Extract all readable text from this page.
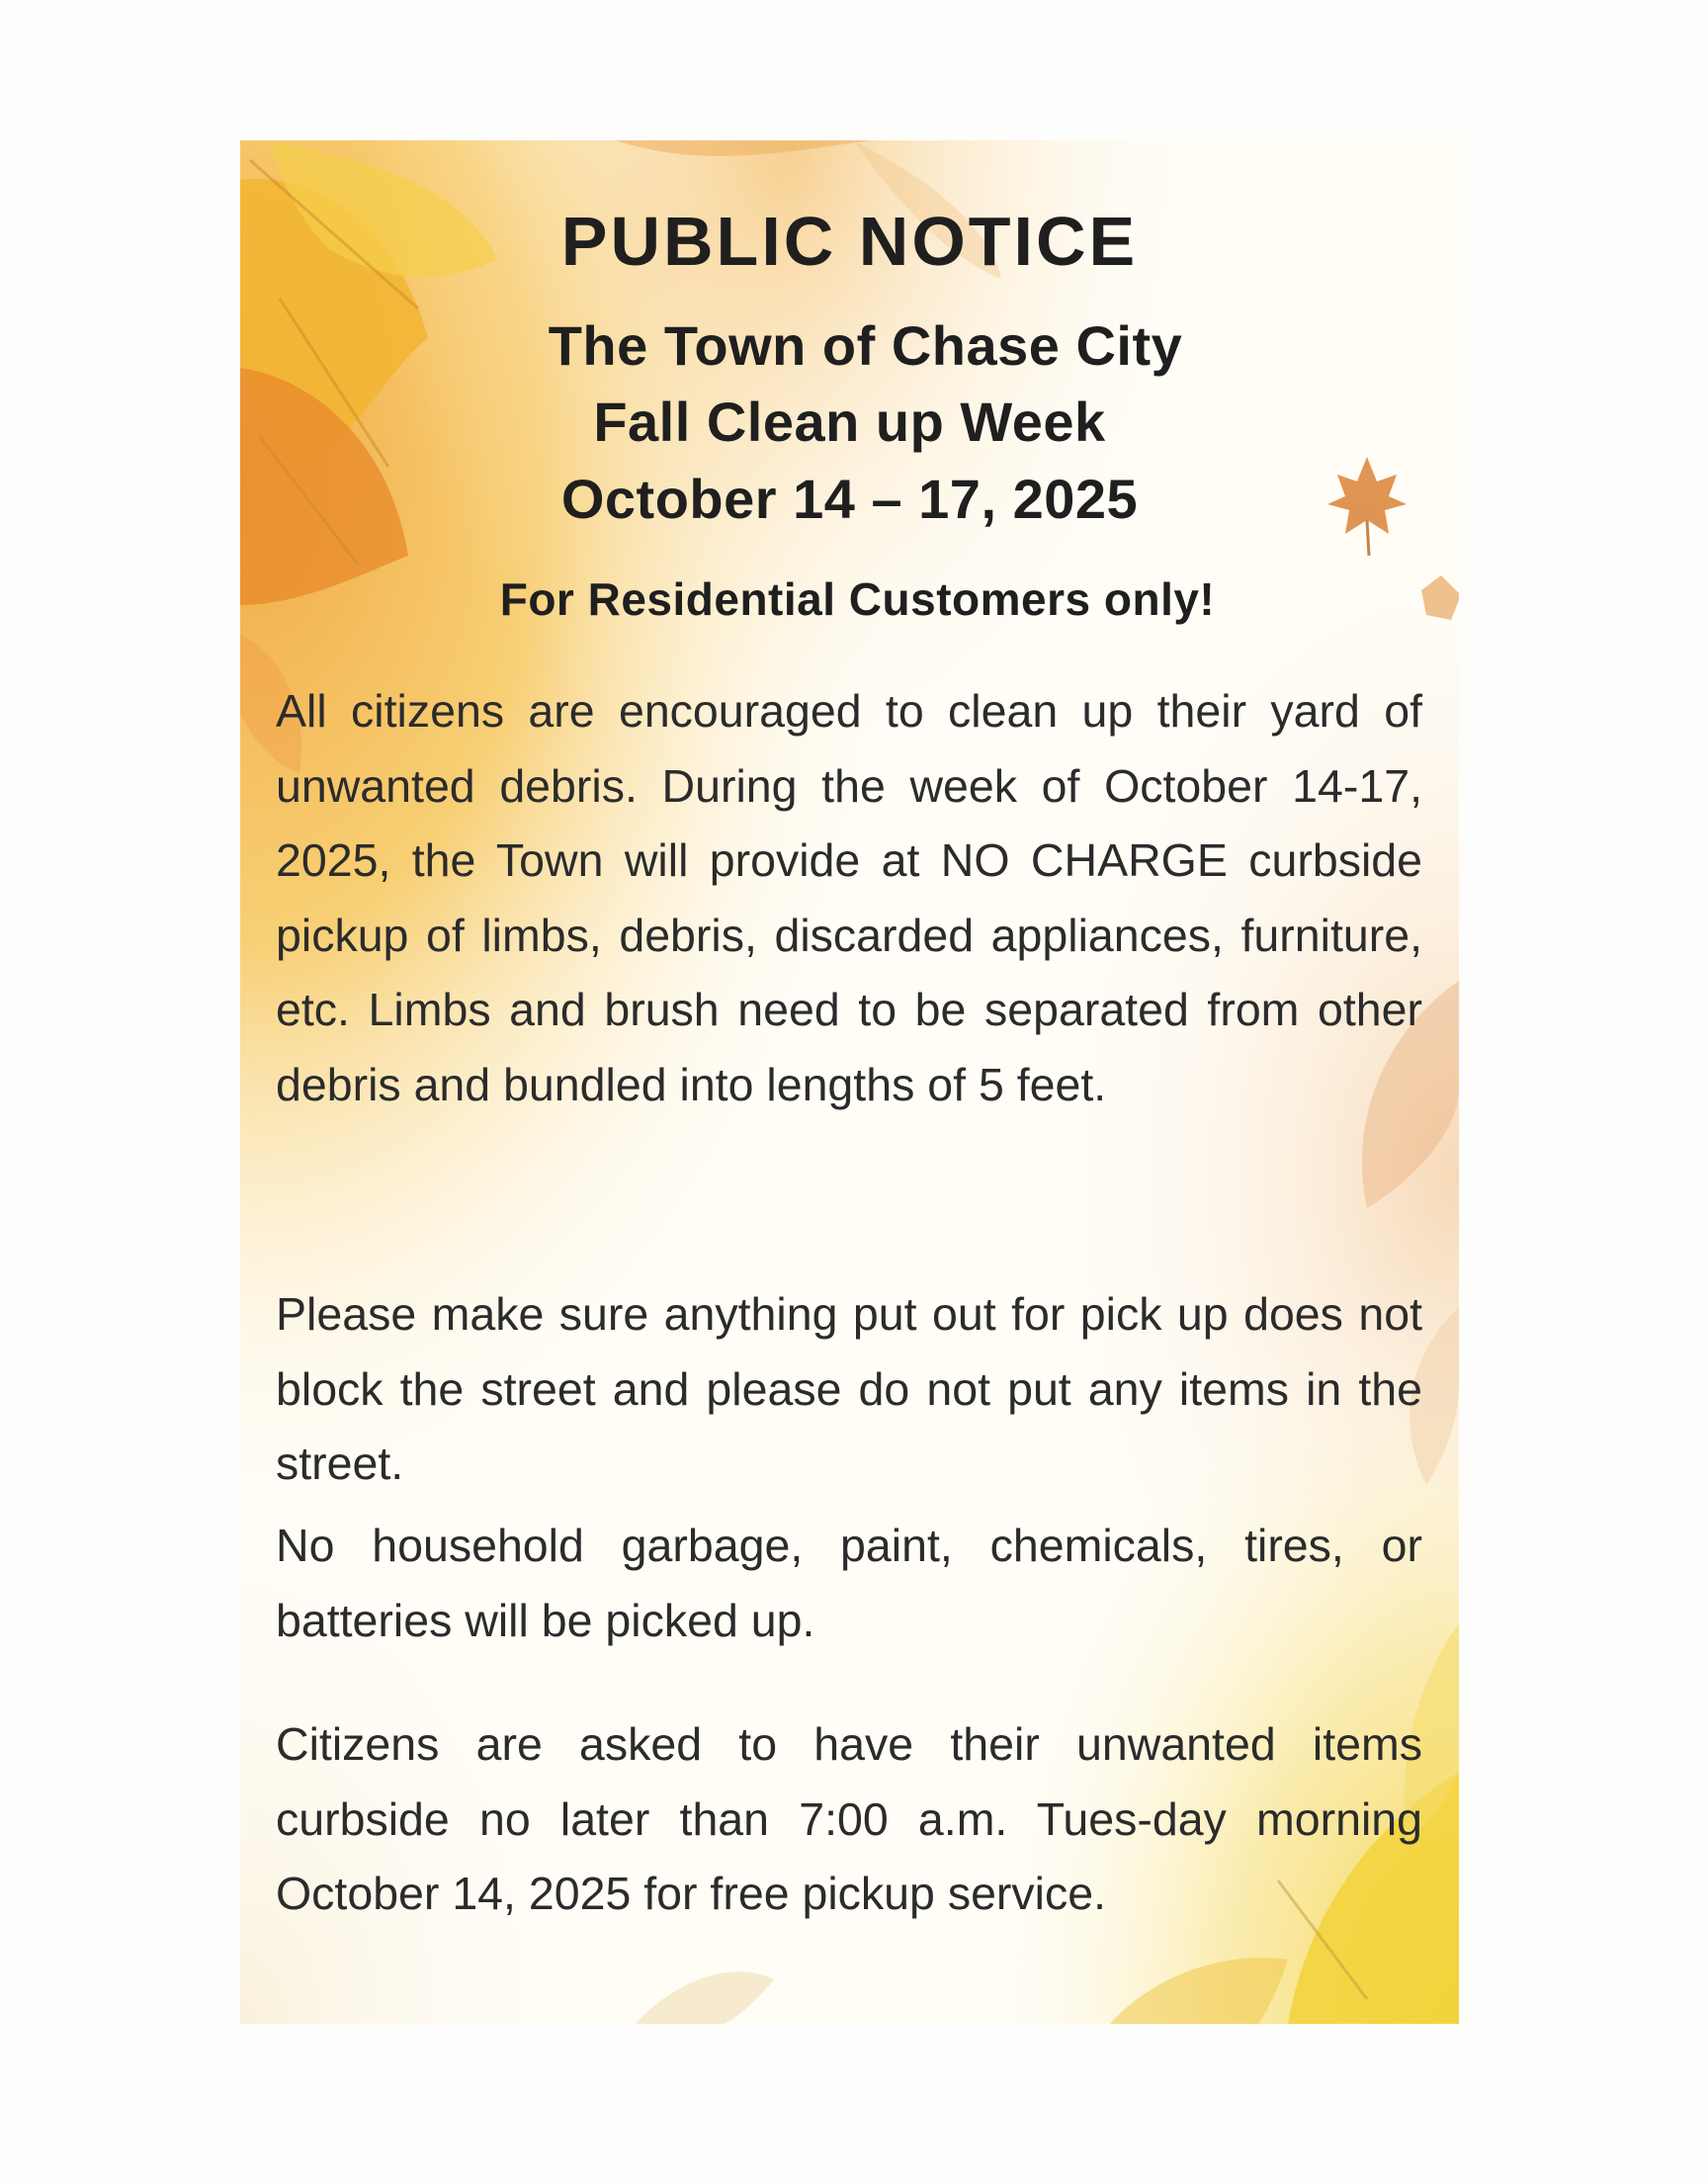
PUBLIC NOTICE
The Town of Chase City
Fall Clean up Week
October 14 – 17, 2025
For Residential Customers only!

All citizens are encouraged to clean up their yard of unwanted debris. During the week of October 14-17, 2025, the Town will provide at NO CHARGE curbside pickup of limbs, debris, discarded appliances, furniture, etc. Limbs and brush need to be separated from other debris and bundled into lengths of 5 feet.

Please make sure anything put out for pick up does not block the street and please do not put any items in the street.

No household garbage, paint, chemicals, tires, or batteries will be picked up.

Citizens are asked to have their unwanted items curbside no later than 7:00 a.m. Tues-day morning October 14, 2025 for free pickup service.
